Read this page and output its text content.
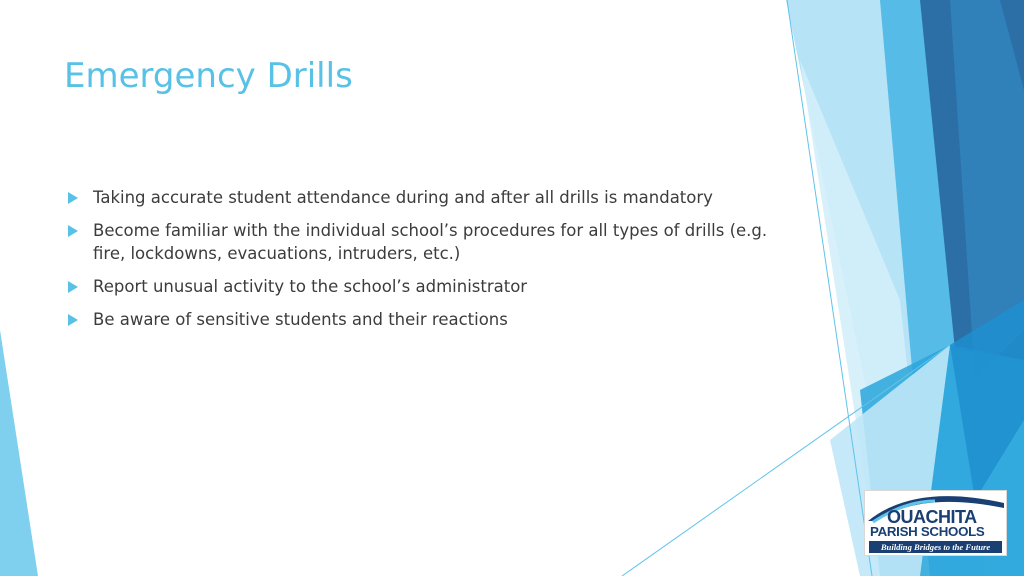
Emergency Drills
Taking accurate student attendance during and after all drills is mandatory
Become familiar with the individual school’s procedures for all types of drills (e.g. fire, lockdowns, evacuations, intruders, etc.)
Report unusual activity to the school’s administrator
Be aware of sensitive students and their reactions
OUACHITA
PARISH SCHOOLS
Building Bridges to the Future
